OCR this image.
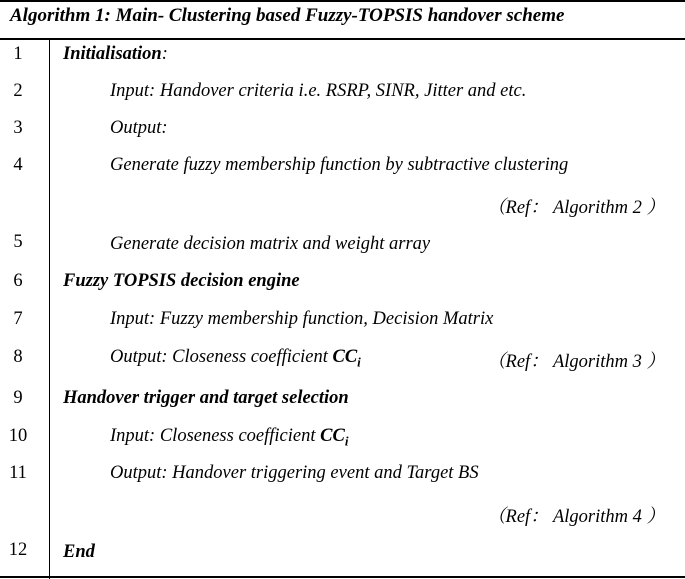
Algorithm 1: Main- Clustering based Fuzzy-TOPSIS handover scheme
1	Initialisation:
2	Input: Handover criteria i.e. RSRP, SINR, Jitter and etc.
3	Output:
4	Generate fuzzy membership function by subtractive clustering
（Ref： Algorithm 2 ）
5	Generate decision matrix and weight array
6	Fuzzy TOPSIS decision engine
7	Input: Fuzzy membership function, Decision Matrix
8	Output: Closeness coefficient $CC_i$	（Ref： Algorithm 3 ）
9	Handover trigger and target selection
10	Input: Closeness coefficient $CC_i$
11	Output: Handover triggering event and Target BS
（Ref： Algorithm 4 ）
12	End
